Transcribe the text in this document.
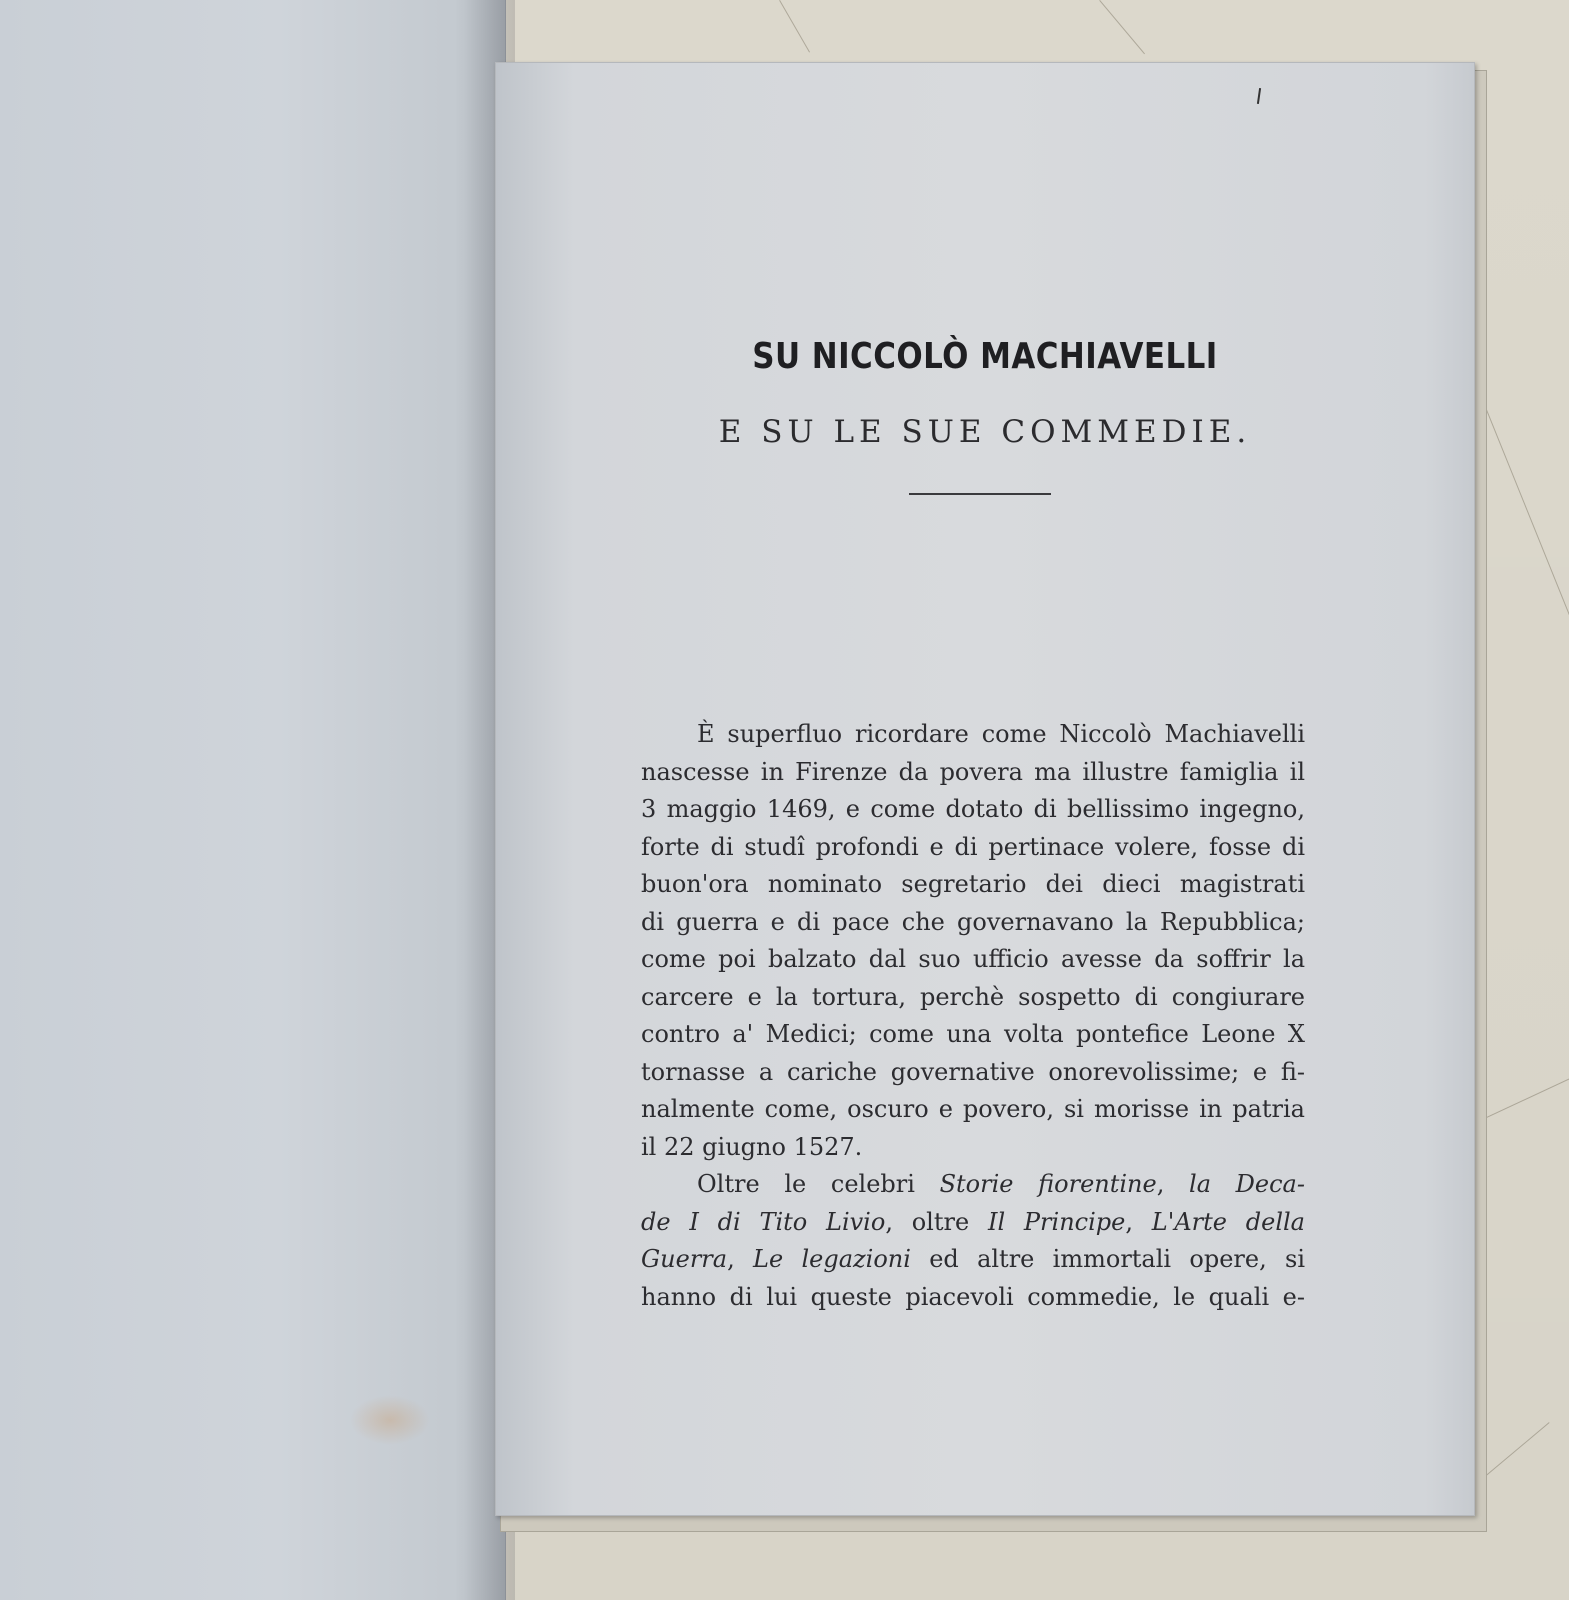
SU NICCOLÒ MACHIAVELLI
E SU LE SUE COMMEDIE.
È superfluo ricordare come Niccolò Machiavelli
nascesse in Firenze da povera ma illustre famiglia il
3 maggio 1469, e come dotato di bellissimo ingegno,
forte di studî profondi e di pertinace volere, fosse di
buon'ora nominato segretario dei dieci magistrati
di guerra e di pace che governavano la Repubblica;
come poi balzato dal suo ufficio avesse da soffrir la
carcere e la tortura, perchè sospetto di congiurare
contro a' Medici; come una volta pontefice Leone X
tornasse a cariche governative onorevolissime; e fi-
nalmente come, oscuro e povero, si morisse in patria
il 22 giugno 1527.
Oltre le celebri Storie fiorentine, la Deca-
de I di Tito Livio, oltre Il Principe, L'Arte della
Guerra, Le legazioni ed altre immortali opere, si
hanno di lui queste piacevoli commedie, le quali e-
